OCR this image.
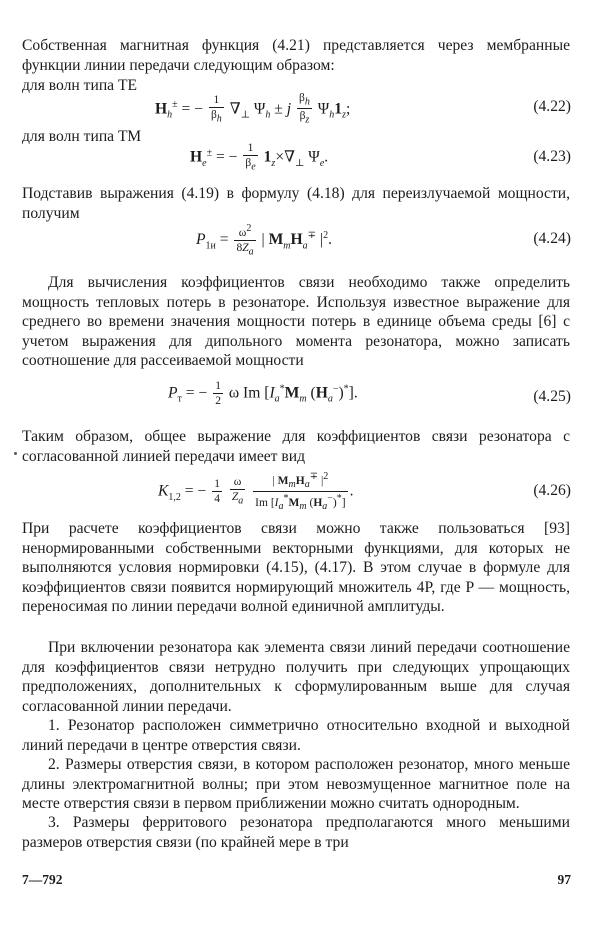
Собственная магнитная функция (4.21) представляется через мембранные функции линии передачи следующим образом:

для волн типа ТЕ

$H_h^\pm$ = − $\frac{1}{\beta_h} \nabla_\perp$ $\Psi_h \pm j \frac{\beta_h}{\beta_z} \Psi_h1_z$;	(4.22)

для волн типа ТМ

$H_e^\pm$ = − $\frac{1}{\beta_e} 1_z\times\nabla_\perp$ $\Psi_e$.	(4.23)

Подставив выражения (4.19) в формулу (4.18) для переизлучаемой мощности, получим

$P_{1и} = \frac{\omega^2}{8Z_a}$ | $M_mH_a^\mp$ $|^2$.	(4.24)

Для вычисления коэффициентов связи необходимо также определить мощность тепловых потерь в резонаторе. Используя известное выражение для среднего во времени значения мощности потерь в единице объема среды [6] с учетом выражения для дипольного момента резонатора, можно записать соотношение для рассеиваемой мощности

$P_т$ = − $\frac{1}{2}$ ω Im [$I_a^*M_m$ $(H_a^-)^*$].	(4.25)

Таким образом, общее выражение для коэффициентов связи резонатора с согласованной линией передачи имеет вид

$K_{1,2}$ = − $\frac{1}{4}$
$\frac{\omega}{Z_a}$
$\frac{| M_mH_a^\mp |^2}{Im [I_a^*M_m (H_a^-)^*]}$ .	(4.26)

При расчете коэффициентов связи можно также пользоваться [93] ненормированными собственными векторными функциями, для которых не выполняются условия нормировки (4.15), (4.17). В этом случае в формуле для коэффициентов связи появится нормирующий множитель 4P, где P — мощность, переносимая по линии передачи волной единичной амплитуды.

При включении резонатора как элемента связи линий передачи соотношение для коэффициентов связи нетрудно получить при следующих упрощающих предположениях, дополнительных к сформулированным выше для случая согласованной линии передачи.

1. Резонатор расположен симметрично относительно входной и выходной линий передачи в центре отверстия связи.

2. Размеры отверстия связи, в котором расположен резонатор, много меньше длины электромагнитной волны; при этом невозмущенное магнитное поле на месте отверстия связи в первом приближении можно считать однородным.

3. Размеры ферритового резонатора предполагаются много меньшими размеров отверстия связи (по крайней мере в три

7—792	97
